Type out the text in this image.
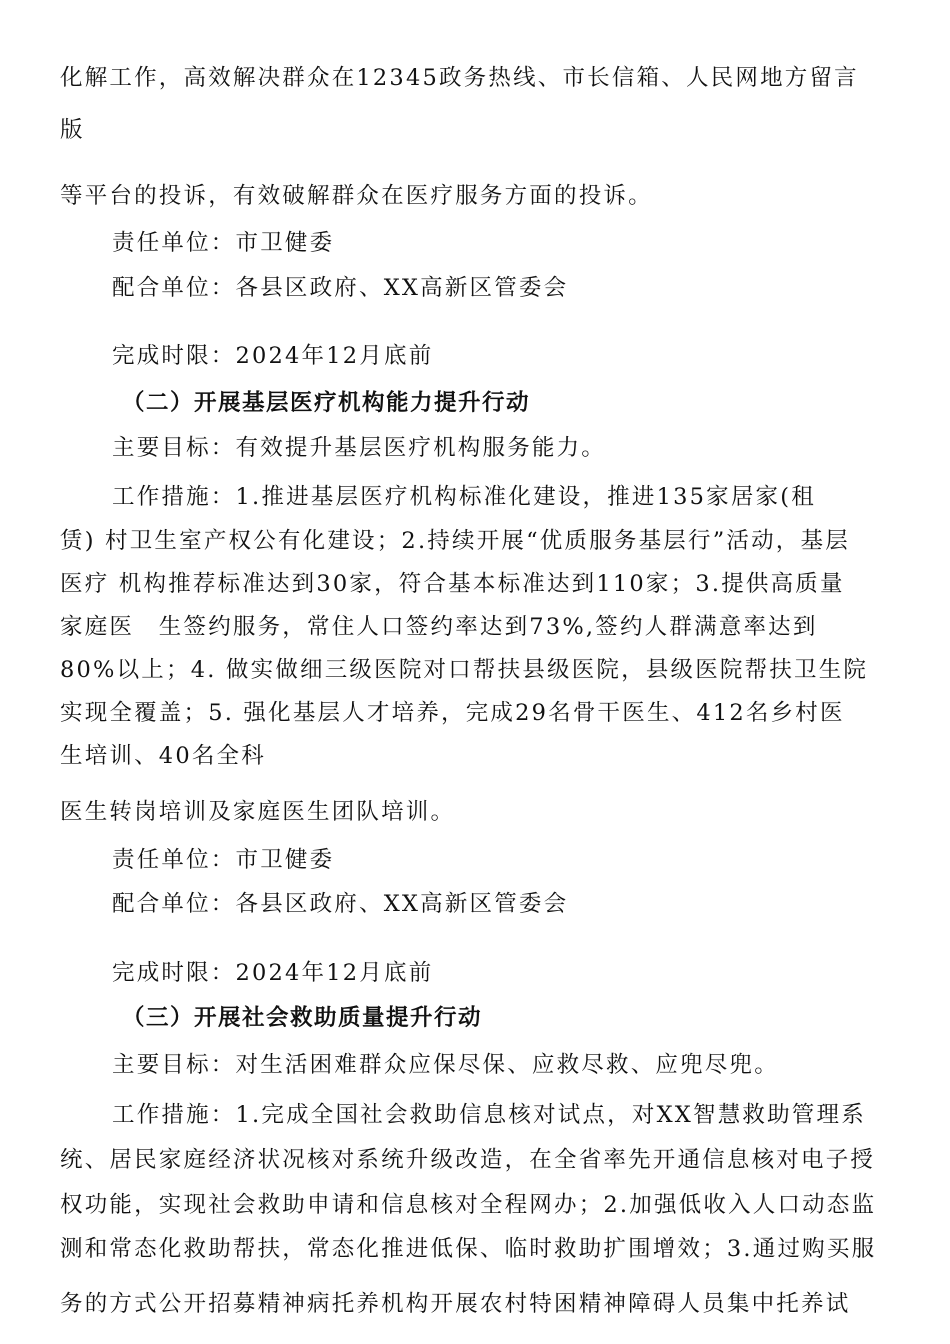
化解工作，高效解决群众在12345政务热线、市长信箱、人民网地方留言
版
等平台的投诉，有效破解群众在医疗服务方面的投诉。
责任单位：市卫健委
配合单位：各县区政府、XX高新区管委会
完成时限：2024年12月底前
（二）开展基层医疗机构能力提升行动
主要目标：有效提升基层医疗机构服务能力。
工作措施：1.推进基层医疗机构标准化建设，推进135家居家(租
赁) 村卫生室产权公有化建设；2.持续开展“优质服务基层行”活动，基层
医疗 机构推荐标准达到30家，符合基本标准达到110家；3.提供高质量
家庭医　生签约服务，常住人口签约率达到73%,签约人群满意率达到
80%以上；4. 做实做细三级医院对口帮扶县级医院，县级医院帮扶卫生院
实现全覆盖；5. 强化基层人才培养，完成29名骨干医生、412名乡村医
生培训、40名全科
医生转岗培训及家庭医生团队培训。
责任单位：市卫健委
配合单位：各县区政府、XX高新区管委会
完成时限：2024年12月底前
（三）开展社会救助质量提升行动
主要目标：对生活困难群众应保尽保、应救尽救、应兜尽兜。
工作措施：1.完成全国社会救助信息核对试点，对XX智慧救助管理系
统、居民家庭经济状况核对系统升级改造，在全省率先开通信息核对电子授
权功能，实现社会救助申请和信息核对全程网办；2.加强低收入人口动态监
测和常态化救助帮扶，常态化推进低保、临时救助扩围增效；3.通过购买服
务的方式公开招募精神病托养机构开展农村特困精神障碍人员集中托养试
